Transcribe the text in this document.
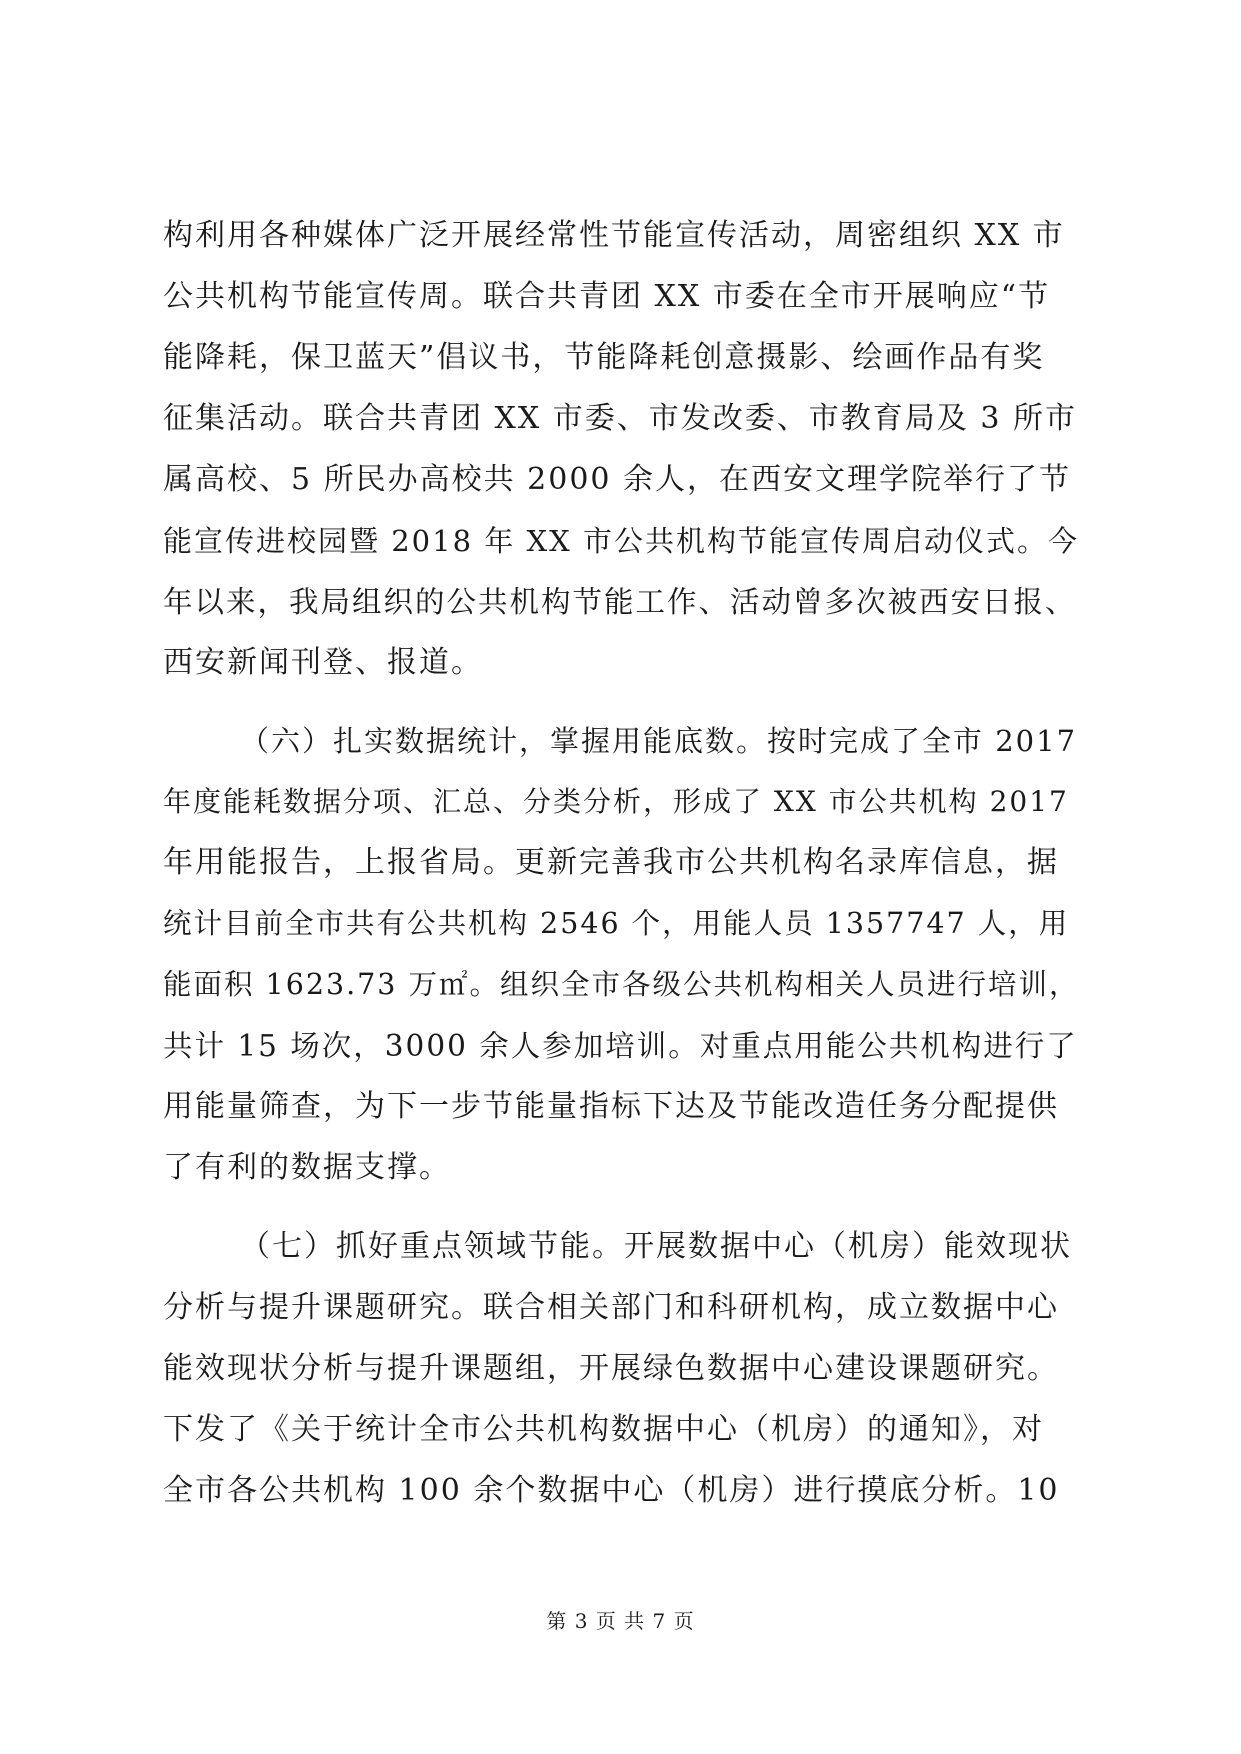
构利用各种媒体广泛开展经常性节能宣传活动，周密组织 XX 市
公共机构节能宣传周。联合共青团 XX 市委在全市开展响应“节
能降耗，保卫蓝天”倡议书，节能降耗创意摄影、绘画作品有奖
征集活动。联合共青团 XX 市委、市发改委、市教育局及 3 所市
属高校、5 所民办高校共 2000 余人，在西安文理学院举行了节
能宣传进校园暨 2018 年 XX 市公共机构节能宣传周启动仪式。今
年以来，我局组织的公共机构节能工作、活动曾多次被西安日报、
西安新闻刊登、报道。
（六）扎实数据统计，掌握用能底数。按时完成了全市 2017
年度能耗数据分项、汇总、分类分析，形成了 XX 市公共机构 2017
年用能报告，上报省局。更新完善我市公共机构名录库信息，据
统计目前全市共有公共机构 2546 个，用能人员 1357747 人，用
能面积 1623.73 万㎡。组织全市各级公共机构相关人员进行培训，
共计 15 场次，3000 余人参加培训。对重点用能公共机构进行了
用能量筛查，为下一步节能量指标下达及节能改造任务分配提供
了有利的数据支撑。
（七）抓好重点领域节能。开展数据中心（机房）能效现状
分析与提升课题研究。联合相关部门和科研机构，成立数据中心
能效现状分析与提升课题组，开展绿色数据中心建设课题研究。
下发了《关于统计全市公共机构数据中心（机房）的通知》，对
全市各公共机构 100 余个数据中心（机房）进行摸底分析。10
第 3 页 共 7 页
